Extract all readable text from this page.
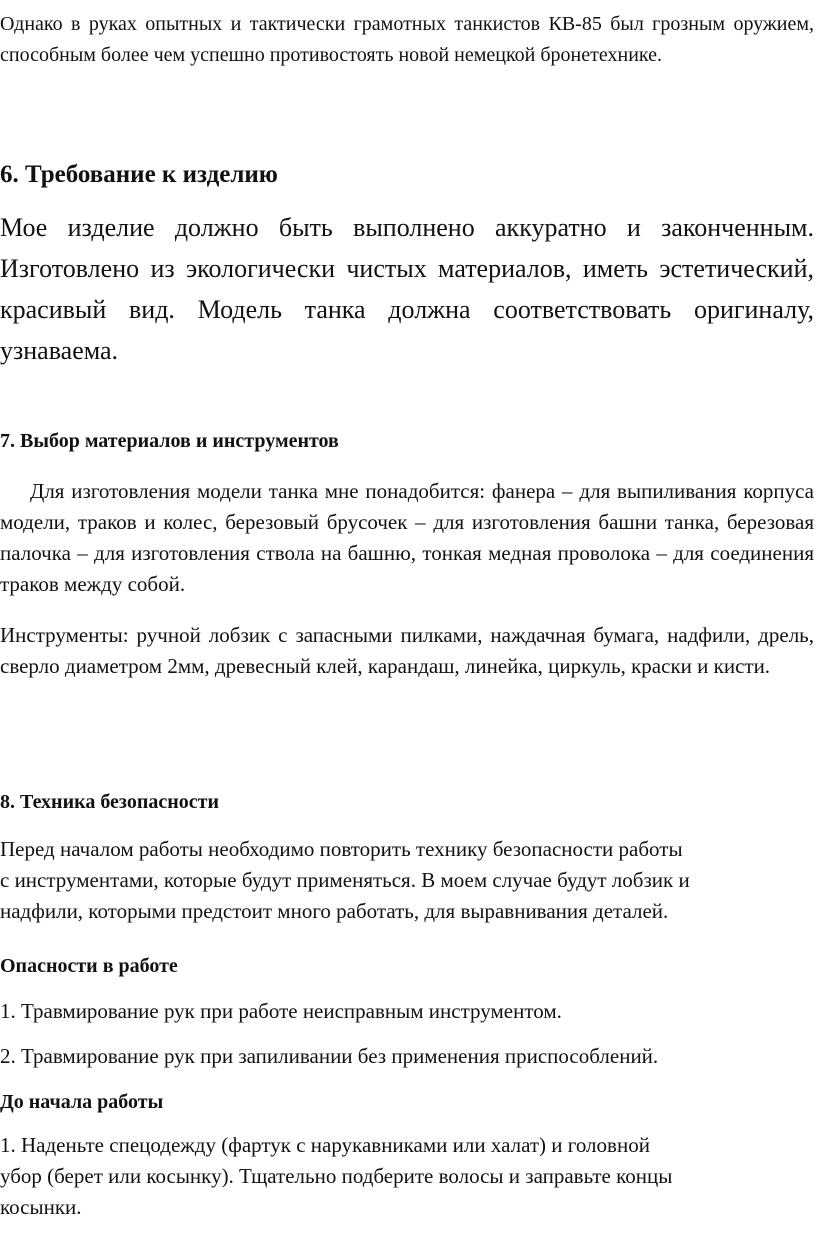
Однако в руках опытных и тактически грамотных танкистов КВ-85 был грозным оружием, способным более чем успешно противостоять новой немецкой бронетехнике.

6. Требование к изделию

Мое изделие должно быть выполнено аккуратно и законченным. Изготовлено из экологически чистых материалов, иметь эстетический, красивый вид. Модель танка должна соответствовать оригиналу, узнаваема.

7. Выбор материалов и инструментов

Для изготовления модели танка мне понадобится: фанера – для выпиливания корпуса модели, траков и колес, березовый брусочек – для изготовления башни танка, березовая палочка – для изготовления ствола на башню, тонкая медная проволока – для соединения траков между собой.

Инструменты: ручной лобзик с запасными пилками, наждачная бумага, надфили, дрель, сверло диаметром 2мм, древесный клей, карандаш, линейка, циркуль, краски и кисти.

8. Техника безопасности
Перед началом работы необходимо повторить технику безопасности работы
с инструментами, которые будут применяться. В моем случае будут лобзик и
надфили, которыми предстоит много работать, для выравнивания деталей.
Опасности в работе

1. Травмирование рук при работе неисправным инструментом.

2. Травмирование рук при запиливании без применения приспособлений.

До начала работы
1. Наденьте спецодежду (фартук с нарукавниками или халат) и головной
убор (берет или косынку). Тщательно подберите волосы и заправьте концы
косынки.
